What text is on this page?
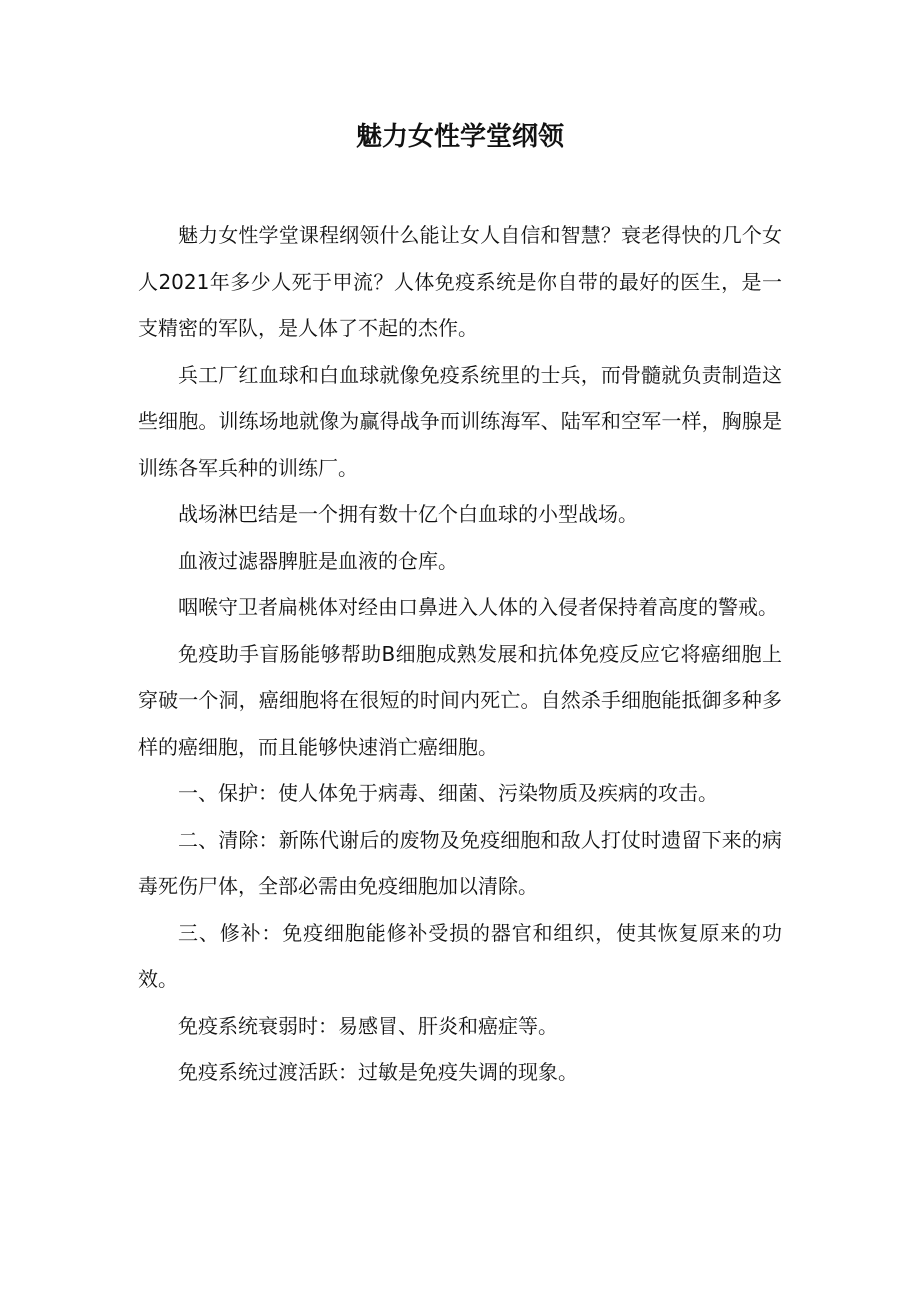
魅力女性学堂纲领

魅力女性学堂课程纲领什么能让女人自信和智慧？衰老得快的几个女人2021年多少人死于甲流？人体免疫系统是你自带的最好的医生，是一支精密的军队，是人体了不起的杰作。

兵工厂红血球和白血球就像免疫系统里的士兵，而骨髓就负责制造这些细胞。训练场地就像为赢得战争而训练海军、陆军和空军一样，胸腺是训练各军兵种的训练厂。

战场淋巴结是一个拥有数十亿个白血球的小型战场。

血液过滤器脾脏是血液的仓库。

咽喉守卫者扁桃体对经由口鼻进入人体的入侵者保持着高度的警戒。

免疫助手盲肠能够帮助B细胞成熟发展和抗体免疫反应它将癌细胞上穿破一个洞，癌细胞将在很短的时间内死亡。自然杀手细胞能抵御多种多样的癌细胞，而且能够快速消亡癌细胞。

一、保护：使人体免于病毒、细菌、污染物质及疾病的攻击。

二、清除：新陈代谢后的废物及免疫细胞和敌人打仗时遗留下来的病毒死伤尸体，全部必需由免疫细胞加以清除。

三、修补：免疫细胞能修补受损的器官和组织，使其恢复原来的功效。

免疫系统衰弱时：易感冒、肝炎和癌症等。

免疫系统过渡活跃：过敏是免疫失调的现象。
